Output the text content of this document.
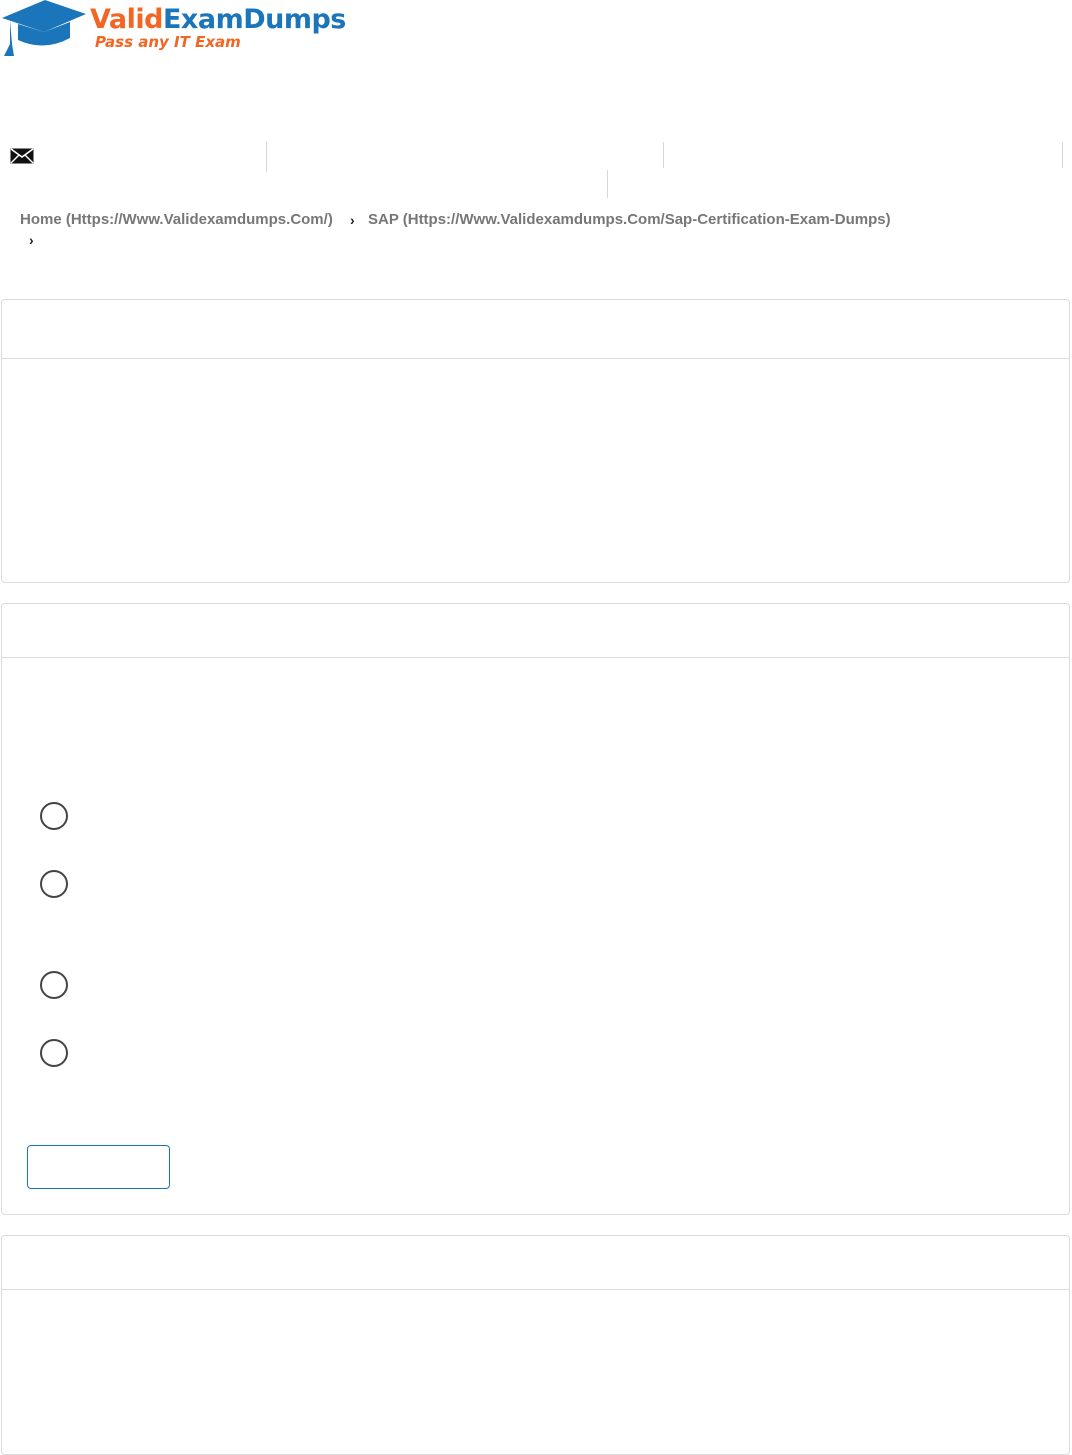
ValidExamDumps
Pass any IT Exam
Home (Https://Www.Validexamdumps.Com/) › SAP (Https://Www.Validexamdumps.Com/Sap-Certification-Exam-Dumps)
›
